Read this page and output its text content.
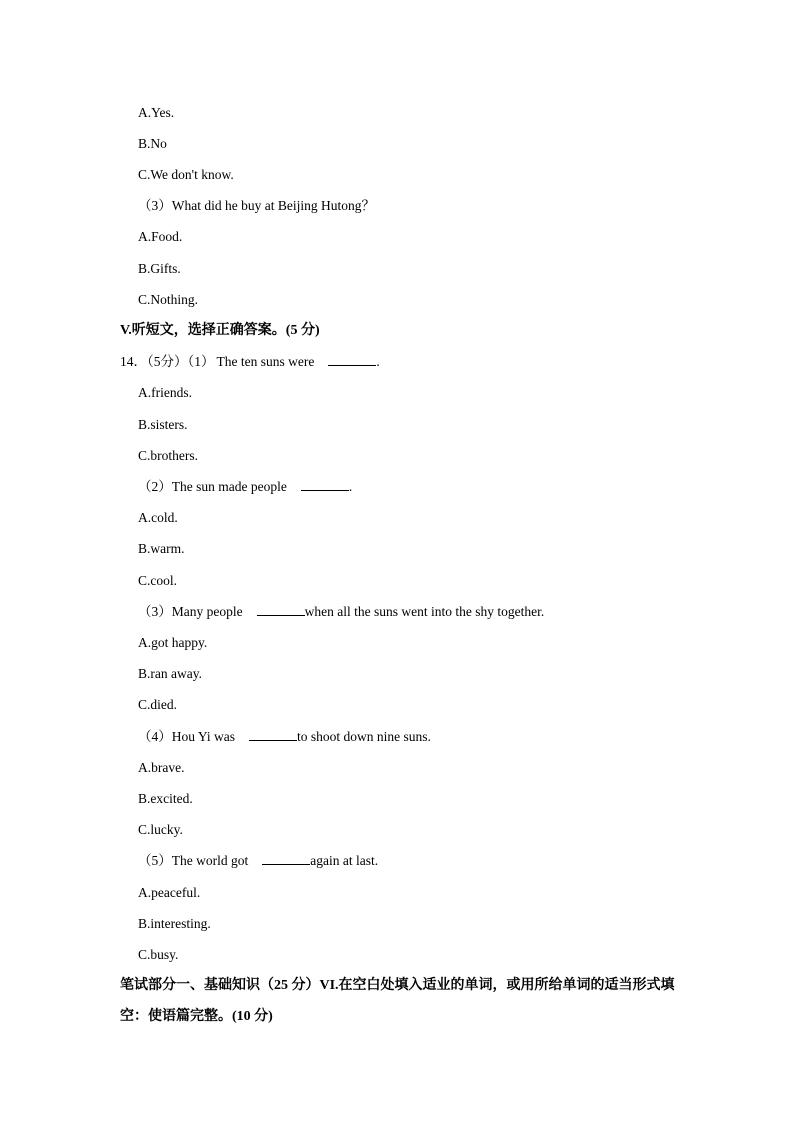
A.Yes.
B.No
C.We don't know.
（3）What did he buy at Beijing Hutong？
A.Food.
B.Gifts.
C.Nothing.
V.听短文，选择正确答案。(5 分)
14．（5分）（1） The ten suns were	.
A.friends.
B.sisters.
C.brothers.
（2）The sun made people	.
A.cold.
B.warm.
C.cool.
（3）Many people	when all the suns went into the shy together.
A.got happy.
B.ran away.
C.died.
（4）Hou Yi was	to shoot down nine suns.
A.brave.
B.excited.
C.lucky.
（5）The world got	again at last.
A.peaceful.
B.interesting.
C.busy.
笔试部分一、基础知识（25 分）VI.在空白处填入适业的单词，或用所给单词的适当形式填
空：使语篇完整。(10 分)
